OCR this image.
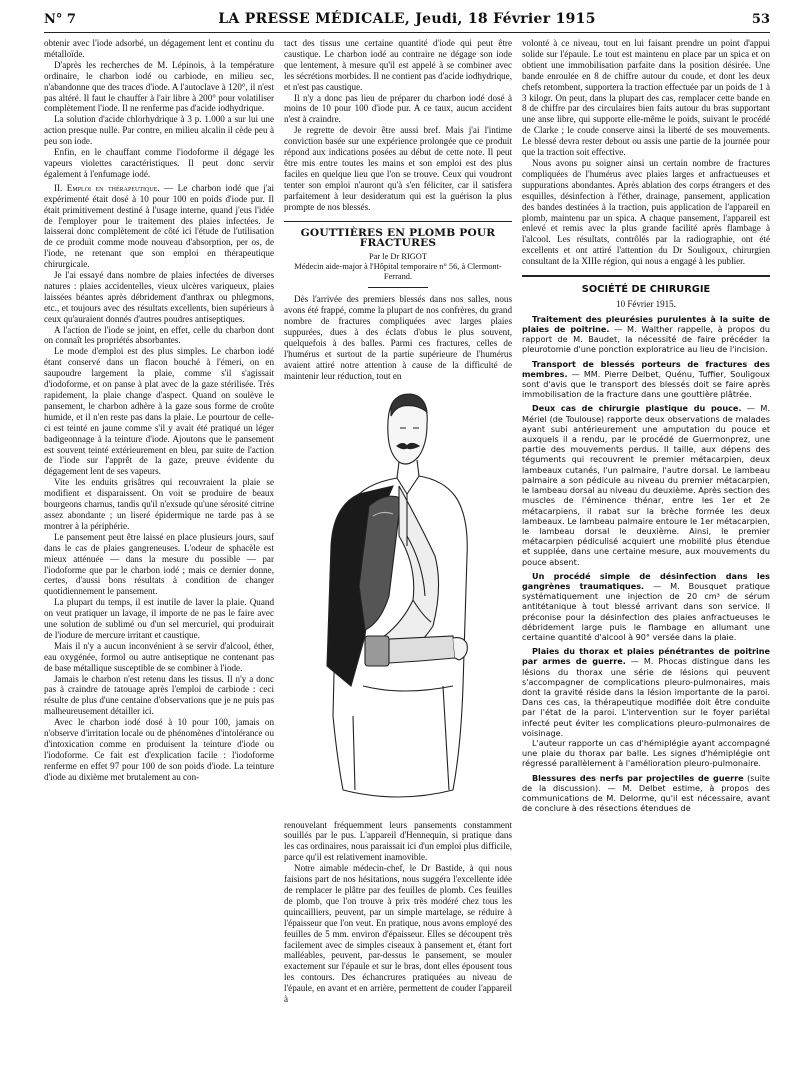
N° 7	LA PRESSE MÉDICALE, Jeudi, 18 Février 1915	53

obtenir avec l'iode adsorbé, un dégagement lent et continu du métalloïde.

D'après les recherches de M. Lépinois, à la température ordinaire, le charbon iodé ou carbiode, en milieu sec, n'abandonne que des traces d'iode. A l'autoclave à 120°, il n'est pas altéré. Il faut le chauffer à l'air libre à 200° pour volatiliser complètement l'iode. Il ne renferme pas d'acide iodhydrique.

La solution d'acide chlorhydrique à 3 p. 1.000 a sur lui une action presque nulle. Par contre, en milieu alcalin il cède peu à peu son iode.

Enfin, en le chauffant comme l'iodoforme il dégage les vapeurs violettes caractéristiques. Il peut donc servir également à l'enfumage iodé.

II. Emploi en thérapeutique. — Le charbon iodé que j'ai expérimenté était dosé à 10 pour 100 en poids d'iode pur. Il était primitivement destiné à l'usage interne, quand j'eus l'idée de l'employer pour le traitement des plaies infectées. Je laisserai donc complètement de côté ici l'étude de l'utilisation de ce produit comme mode nouveau d'absorption, per os, de l'iode, ne retenant que son emploi en thérapeutique chirurgicale.

Je l'ai essayé dans nombre de plaies infectées de diverses natures : plaies accidentelles, vieux ulcères variqueux, plaies laissées béantes après débridement d'anthrax ou phlegmons, etc., et toujours avec des résultats excellents, bien supérieurs à ceux qu'auraient donnés d'autres poudres antiseptiques.

A l'action de l'iode se joint, en effet, celle du charbon dont on connaît les propriétés absorbantes.

Le mode d'emploi est des plus simples. Le charbon iodé étant conservé dans un flacon bouché à l'émeri, on en saupoudre largement la plaie, comme s'il s'agissait d'iodoforme, et on panse à plat avec de la gaze stérilisée. Très rapidement, la plaie change d'aspect. Quand on soulève le pansement, le charbon adhère à la gaze sous forme de croûte humide, et il n'en reste pas dans la plaie. Le pourtour de celle-ci est teinté en jaune comme s'il y avait été pratiqué un léger badigeonnage à la teinture d'iode. Ajoutons que le pansement est souvent teinté extérieurement en bleu, par suite de l'action de l'iode sur l'apprêt de la gaze, preuve évidente du dégagement lent de ses vapeurs.

Vite les enduits grisâtres qui recouvraient la plaie se modifient et disparaissent. On voit se produire de beaux bourgeons charnus, tandis qu'il n'exsude qu'une sérosité citrine assez abondante ; un liseré épidermique ne tarde pas à se montrer à la périphérie.

Le pansement peut être laissé en place plusieurs jours, sauf dans le cas de plaies gangreneuses. L'odeur de sphacèle est mieux atténuée — dans la mesure du possible — par l'iodoforme que par le charbon iodé ; mais ce dernier donne, certes, d'aussi bons résultats à condition de changer quotidiennement le pansement.

La plupart du temps, il est inutile de laver la plaie. Quand on veut pratiquer un lavage, il importe de ne pas le faire avec une solution de sublimé ou d'un sel mercuriel, qui produirait de l'iodure de mercure irritant et caustique.

Mais il n'y a aucun inconvénient à se servir d'alcool, éther, eau oxygénée, formol ou autre antiseptique ne contenant pas de base métallique susceptible de se combiner à l'iode.

Jamais le charbon n'est retenu dans les tissus. Il n'y a donc pas à craindre de tatouage après l'emploi de carbiode : ceci résulte de plus d'une centaine d'observations que je ne puis pas malheureusement détailler ici.

Avec le charbon iodé dosé à 10 pour 100, jamais on n'observe d'irritation locale ou de phénomènes d'intolérance ou d'intoxication comme en produisent la teinture d'iode ou l'iodoforme. Ce fait est d'explication facile : l'iodoforme renferme en effet 97 pour 100 de son poids d'iode. La teinture d'iode au dixième met brutalement au con-

tact des tissus une certaine quantité d'iode qui peut être caustique. Le charbon iodé au contraire ne dégage son iode que lentement, à mesure qu'il est appelé à se combiner avec les sécrétions morbides. Il ne contient pas d'acide iodhydrique, et n'est pas caustique.

Il n'y a donc pas lieu de préparer du charbon iodé dosé à moins de 10 pour 100 d'iode pur. A ce taux, aucun accident n'est à craindre.

Je regrette de devoir être aussi bref. Mais j'ai l'intime conviction basée sur une expérience prolongée que ce produit répond aux indications posées au début de cette note. Il peut être mis entre toutes les mains et son emploi est des plus faciles en quelque lieu que l'on se trouve. Ceux qui voudront tenter son emploi n'auront qu'à s'en féliciter, car il satisfera parfaitement à leur desideratum qui est la guérison la plus prompte de nos blessés.

GOUTTIÈRES EN PLOMB POUR FRACTURES
Par le Dr RIGOT
Médecin aide-major à l'Hôpital temporaire n° 56, à Clermont-Ferrand.

Dès l'arrivée des premiers blessés dans nos salles, nous avons été frappé, comme la plupart de nos confrères, du grand nombre de fractures compliquées avec larges plaies suppurées, dues à des éclats d'obus le plus souvent, quelquefois à des balles. Parmi ces fractures, celles de l'humérus et surtout de la partie supérieure de l'humérus avaient attiré notre attention à cause de la difficulté de maintenir leur réduction, tout en

renouvelant fréquemment leurs pansements constamment souillés par le pus. L'appareil d'Hennequin, si pratique dans les cas ordinaires, nous paraissait ici d'un emploi plus difficile, parce qu'il est relativement inamovible.

Notre aimable médecin-chef, le Dr Bastide, à qui nous faisions part de nos hésitations, nous suggéra l'excellente idée de remplacer le plâtre par des feuilles de plomb. Ces feuilles de plomb, que l'on trouve à prix très modéré chez tous les quincailliers, peuvent, par un simple martelage, se réduire à l'épaisseur que l'on veut. En pratique, nous avons employé des feuilles de 5 mm. environ d'épaisseur. Elles se découpent très facilement avec de simples ciseaux à pansement et, étant fort malléables, peuvent, par-dessus le pansement, se mouler exactement sur l'épaule et sur le bras, dont elles épousent tous les contours. Des échancrures pratiquées au niveau de l'épaule, en avant et en arrière, permettent de couder l'appareil à

volonté à ce niveau, tout en lui faisant prendre un point d'appui solide sur l'épaule. Le tout est maintenu en place par un spica et on obtient une immobilisation parfaite dans la position désirée. Une bande enroulée en 8 de chiffre autour du coude, et dont les deux chefs retombent, supportera la traction effectuée par un poids de 1 à 3 kilogr. On peut, dans la plupart des cas, remplacer cette bande en 8 de chiffre par des circulaires bien faits autour du bras supportant une anse libre, qui supporte elle-même le poids, suivant le procédé de Clarke ; le coude conserve ainsi la liberté de ses mouvements. Le blessé devra rester debout ou assis une partie de la journée pour que la traction soit effective.

Nous avons pu soigner ainsi un certain nombre de fractures compliquées de l'humérus avec plaies larges et anfractueuses et suppurations abondantes. Après ablation des corps étrangers et des esquilles, désinfection à l'éther, drainage, pansement, application des bandes destinées à la traction, puis application de l'appareil en plomb, maintenu par un spica. A chaque pansement, l'appareil est enlevé et remis avec la plus grande facilité après flambage à l'alcool. Les résultats, contrôlés par la radiographie, ont été excellents et ont attiré l'attention du Dr Souligoux, chirurgien consultant de la XIIIe région, qui nous a engagé à les publier.

SOCIÉTÉ DE CHIRURGIE
10 Février 1915.

Traitement des pleurésies purulentes à la suite de plaies de poitrine. — M. Walther rappelle, à propos du rapport de M. Baudet, la nécessité de faire précéder la pleurotomie d'une ponction exploratrice au lieu de l'incision.

Transport de blessés porteurs de fractures des membres. — MM. Pierre Delbet, Quénu, Tuffier, Souligoux sont d'avis que le transport des blessés doit se faire après immobilisation de la fracture dans une gouttière plâtrée.

Deux cas de chirurgie plastique du pouce. — M. Mériel (de Toulouse) rapporte deux observations de malades ayant subi antérieurement une amputation du pouce et auxquels il a rendu, par le procédé de Guermonprez, une partie des mouvements perdus. Il taille, aux dépens des téguments qui recouvrent le premier métacarpien, deux lambeaux cutanés, l'un palmaire, l'autre dorsal. Le lambeau palmaire a son pédicule au niveau du premier métacarpien, le lambeau dorsal au niveau du deuxième. Après section des muscles de l'éminence thénar, entre les 1er et 2e métacarpiens, il rabat sur la brèche formée les deux lambeaux. Le lambeau palmaire entoure le 1er métacarpien, le lambeau dorsal le deuxième. Ainsi, le premier métacarpien pédiculisé acquiert une mobilité plus étendue et supplée, dans une certaine mesure, aux mouvements du pouce absent.

Un procédé simple de désinfection dans les gangrènes traumatiques. — M. Bousquet pratique systématiquement une injection de 20 cm³ de sérum antitétanique à tout blessé arrivant dans son service. Il préconise pour la désinfection des plaies anfractueuses le débridement large puis le flambage en allumant une certaine quantité d'alcool à 90° versée dans la plaie.

Plaies du thorax et plaies pénétrantes de poitrine par armes de guerre. — M. Phocas distingue dans les lésions du thorax une série de lésions qui peuvent s'accompagner de complications pleuro-pulmonaires, mais dont la gravité réside dans la lésion importante de la paroi. Dans ces cas, la thérapeutique modifiée doit être conduite par l'état de la paroi. L'intervention sur le foyer pariétal infecté peut éviter les complications pleuro-pulmonaires de voisinage.

L'auteur rapporte un cas d'hémiplégie ayant accompagné une plaie du thorax par balle. Les signes d'hémiplégie ont régressé parallèlement à l'amélioration pleuro-pulmonaire.

Blessures des nerfs par projectiles de guerre (suite de la discussion). — M. Delbet estime, à propos des communications de M. Delorme, qu'il est nécessaire, avant de conclure à des résections étendues de
